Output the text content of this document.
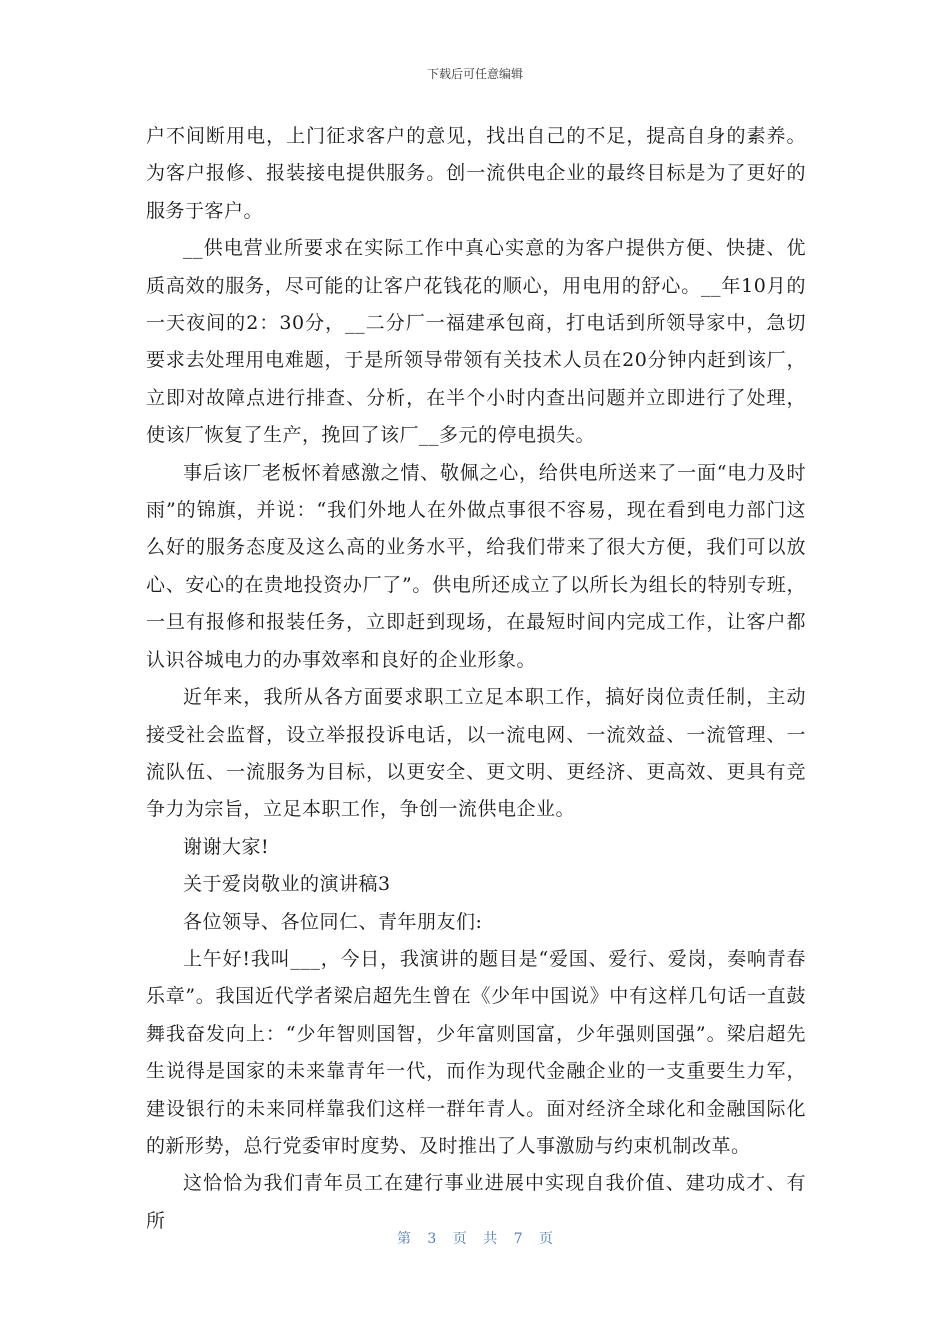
下载后可任意编辑

户不间断用电，上门征求客户的意见，找出自己的不足，提高自身的素养。为客户报修、报装接电提供服务。创一流供电企业的最终目标是为了更好的服务于客户。

__供电营业所要求在实际工作中真心实意的为客户提供方便、快捷、优质高效的服务，尽可能的让客户花钱花的顺心，用电用的舒心。__年10月的一天夜间的2：30分，__二分厂一福建承包商，打电话到所领导家中，急切要求去处理用电难题，于是所领导带领有关技术人员在20分钟内赶到该厂，立即对故障点进行排查、分析，在半个小时内查出问题并立即进行了处理，使该厂恢复了生产，挽回了该厂__多元的停电损失。

事后该厂老板怀着感激之情、敬佩之心，给供电所送来了一面“电力及时雨”的锦旗，并说：“我们外地人在外做点事很不容易，现在看到电力部门这么好的服务态度及这么高的业务水平，给我们带来了很大方便，我们可以放心、安心的在贵地投资办厂了”。供电所还成立了以所长为组长的特别专班，一旦有报修和报装任务，立即赶到现场，在最短时间内完成工作，让客户都认识谷城电力的办事效率和良好的企业形象。

近年来，我所从各方面要求职工立足本职工作，搞好岗位责任制，主动接受社会监督，设立举报投诉电话，以一流电网、一流效益、一流管理、一流队伍、一流服务为目标，以更安全、更文明、更经济、更高效、更具有竞争力为宗旨，立足本职工作，争创一流供电企业。

谢谢大家!

关于爱岗敬业的演讲稿3

各位领导、各位同仁、青年朋友们:

上午好!我叫___，今日，我演讲的题目是“爱国、爱行、爱岗，奏响青春乐章”。我国近代学者梁启超先生曾在《少年中国说》中有这样几句话一直鼓舞我奋发向上：“少年智则国智，少年富则国富，少年强则国强”。梁启超先生说得是国家的未来靠青年一代，而作为现代金融企业的一支重要生力军，建设银行的未来同样靠我们这样一群年青人。面对经济全球化和金融国际化的新形势，总行党委审时度势、及时推出了人事激励与约束机制改革。

这恰恰为我们青年员工在建行事业进展中实现自我价值、建功成才、有所

第 3 页 共 7 页
